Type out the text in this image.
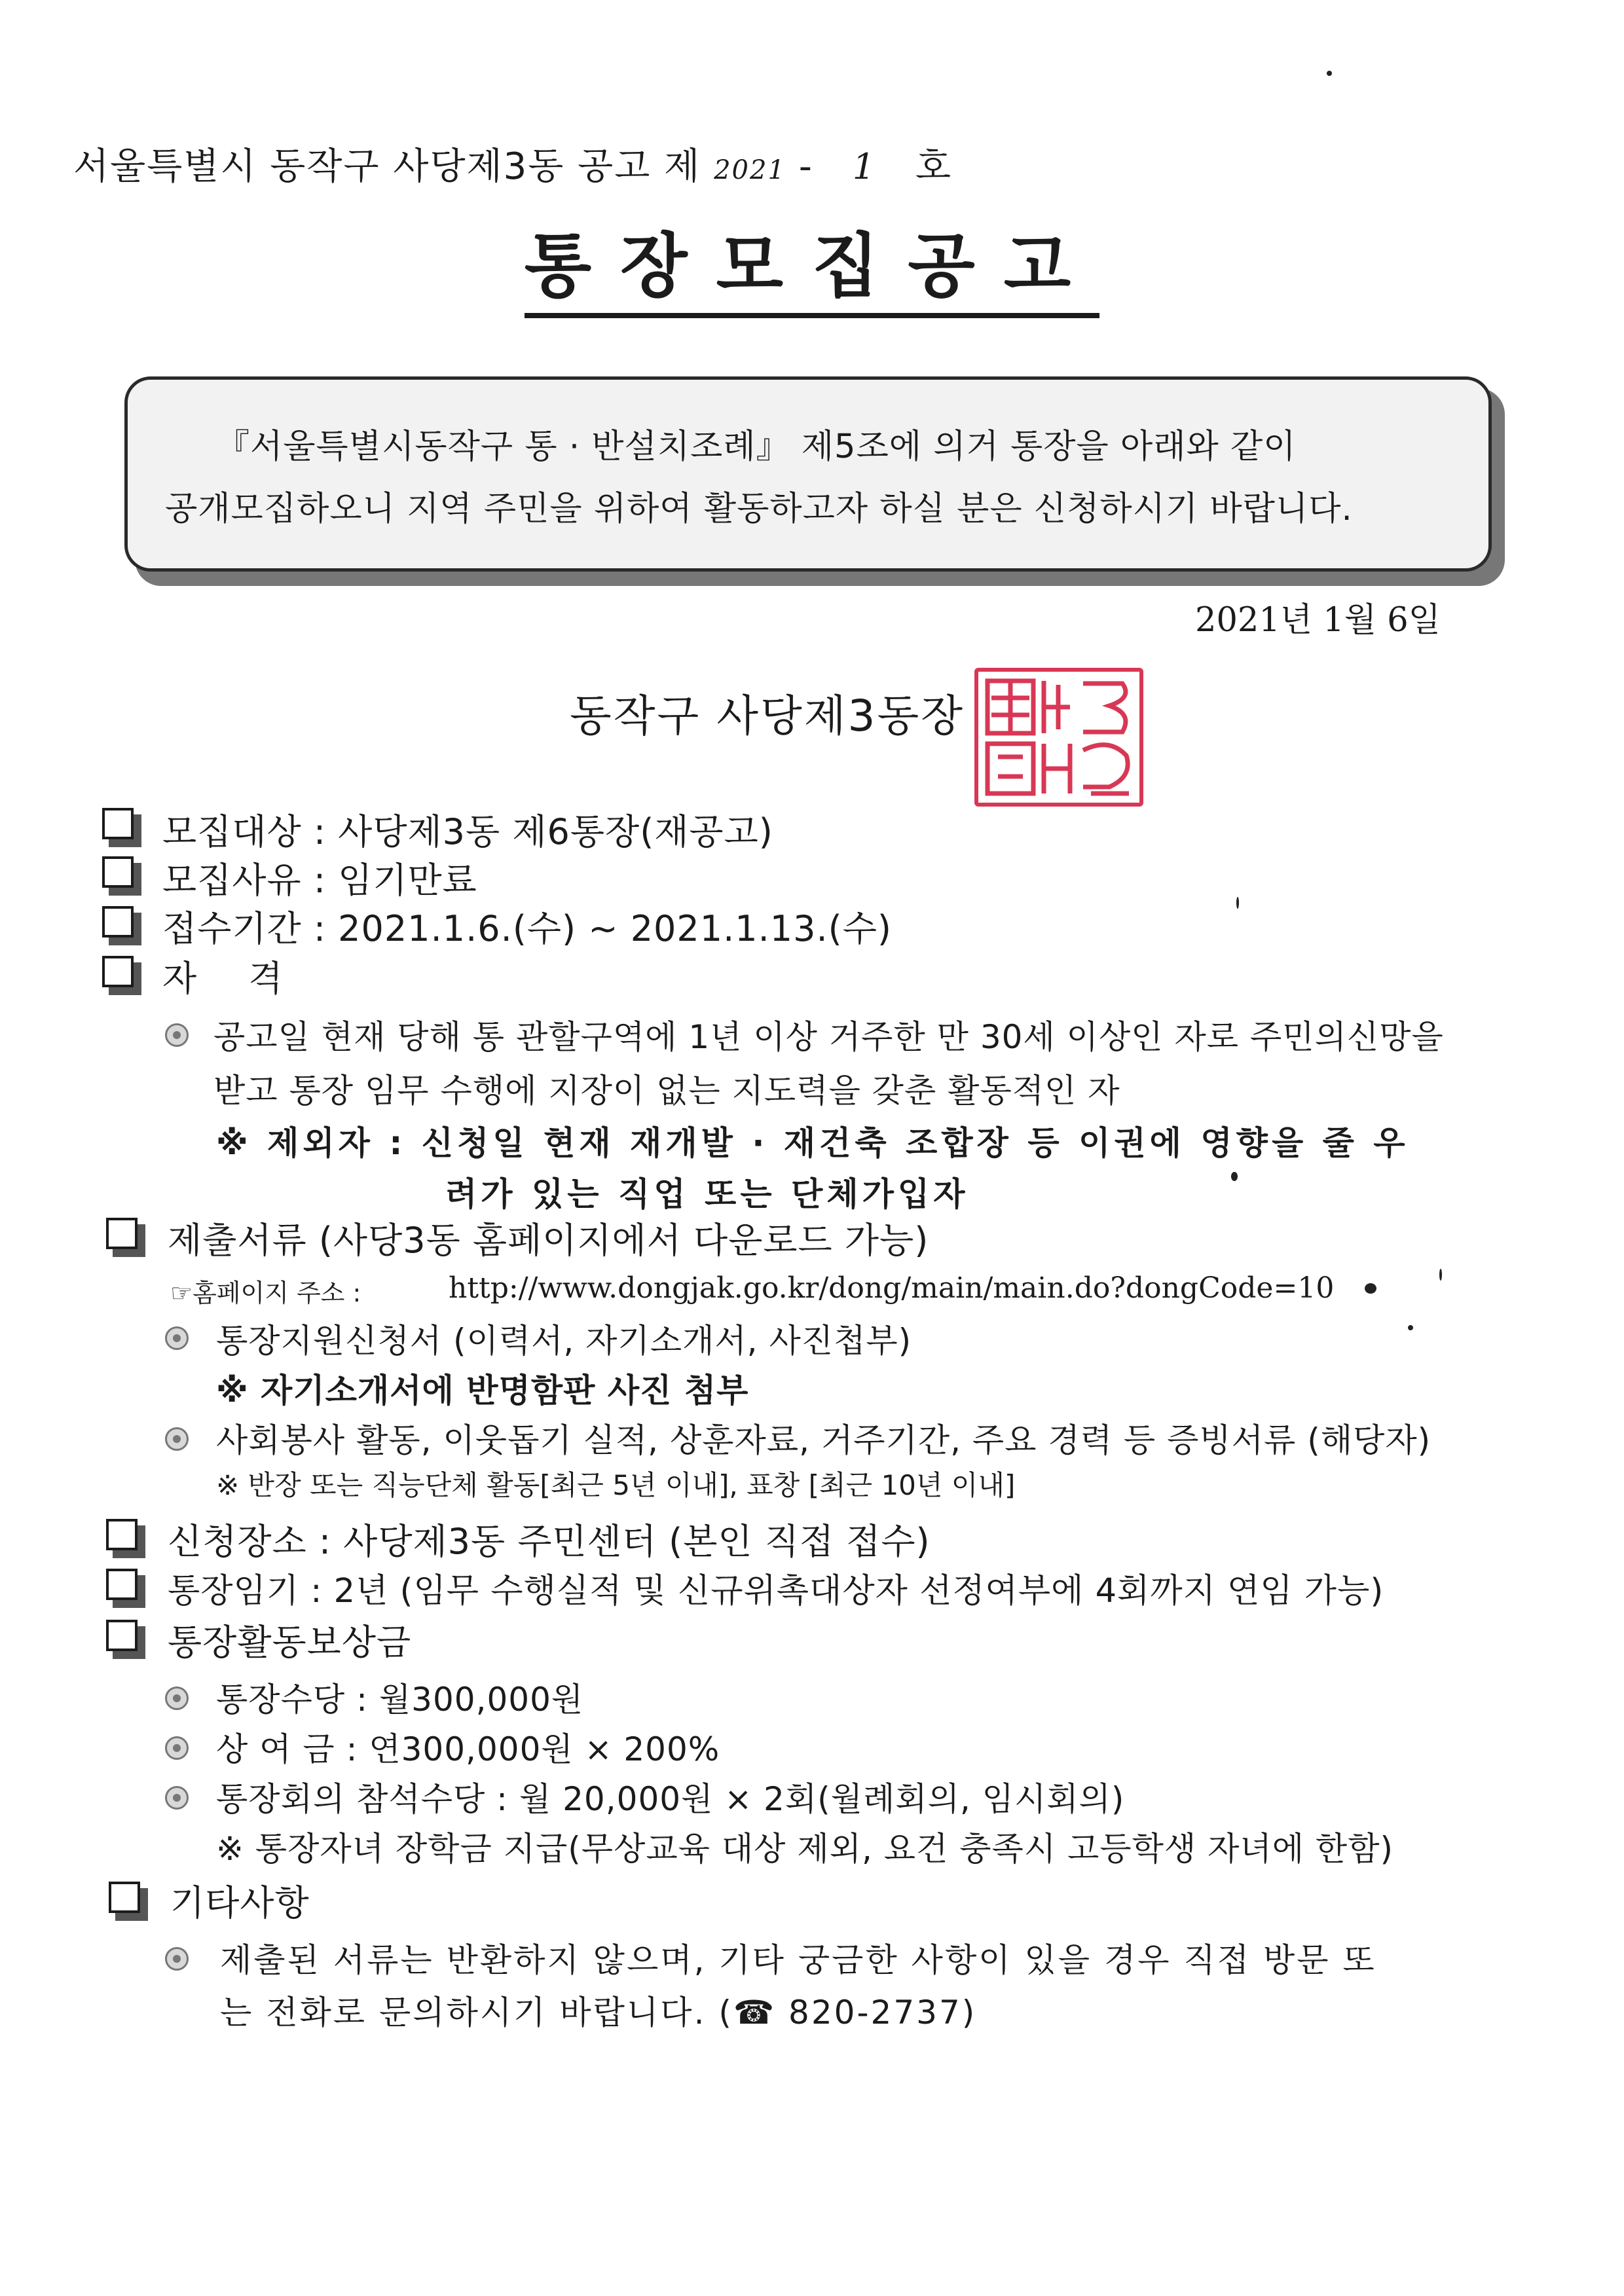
서울특별시 동작구 사당제3동 공고 제 2021 - 1 호
통장모집공고
『서울특별시동작구 통 · 반설치조례』 제5조에 의거 통장을 아래와 같이
공개모집하오니 지역 주민을 위하여 활동하고자 하실 분은 신청하시기 바랍니다.
2021년 1월 6일
동작구 사당제3동장
모집대상 : 사당제3동 제6통장(재공고)
모집사유 : 임기만료
접수기간 : 2021.1.6.(수) ~ 2021.1.13.(수)
자 격
공고일 현재 당해 통 관할구역에 1년 이상 거주한 만 30세 이상인 자로 주민의신망을
받고 통장 임무 수행에 지장이 없는 지도력을 갖춘 활동적인 자
※ 제외자 : 신청일 현재 재개발 · 재건축 조합장 등 이권에 영향을 줄 우
려가 있는 직업 또는 단체가입자
제출서류 (사당3동 홈페이지에서 다운로드 가능)
☞홈페이지 주소 :	http://www.dongjak.go.kr/dong/main/main.do?dongCode=10
통장지원신청서 (이력서, 자기소개서, 사진첩부)
※ 자기소개서에 반명함판 사진 첨부
사회봉사 활동, 이웃돕기 실적, 상훈자료, 거주기간, 주요 경력 등 증빙서류 (해당자)
※ 반장 또는 직능단체 활동[최근 5년 이내], 표창 [최근 10년 이내]
신청장소 : 사당제3동 주민센터 (본인 직접 접수)
통장임기 : 2년 (임무 수행실적 및 신규위촉대상자 선정여부에 4회까지 연임 가능)
통장활동보상금
통장수당 : 월300,000원
상 여 금 : 연300,000원 × 200%
통장회의 참석수당 : 월 20,000원 × 2회(월례회의, 임시회의)
※ 통장자녀 장학금 지급(무상교육 대상 제외, 요건 충족시 고등학생 자녀에 한함)
기타사항
제출된 서류는 반환하지 않으며, 기타 궁금한 사항이 있을 경우 직접 방문 또
는 전화로 문의하시기 바랍니다. (☎ 820-2737)
